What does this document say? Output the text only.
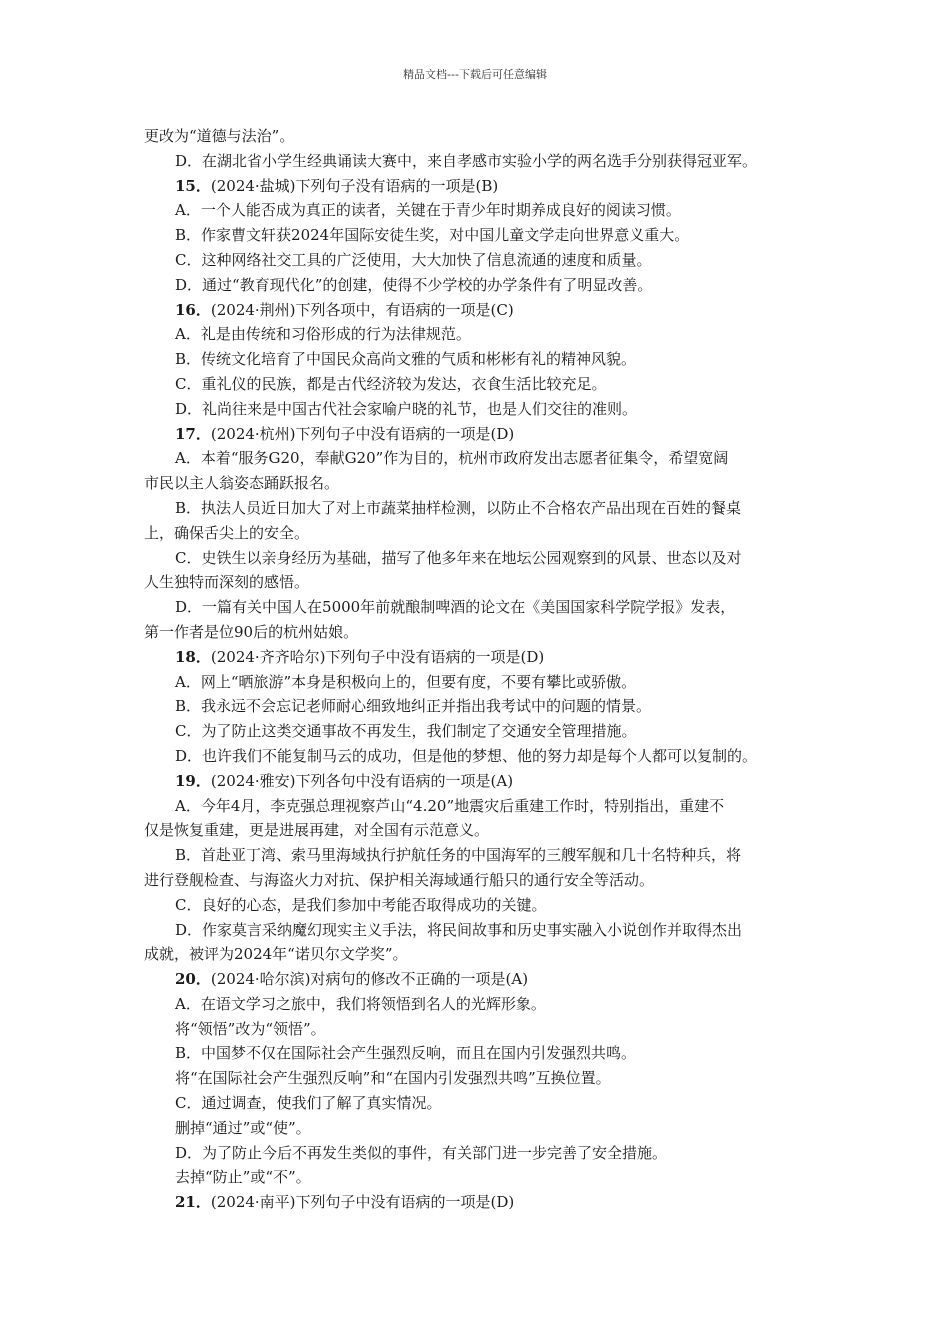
精品文档---下载后可任意编辑
更改为“道德与法治”。
D．在湖北省小学生经典诵读大赛中，来自孝感市实验小学的两名选手分别获得冠亚军。
15．(2024·盐城)下列句子没有语病的一项是(B)
A．一个人能否成为真正的读者，关键在于青少年时期养成良好的阅读习惯。
B．作家曹文轩获2024年国际安徒生奖，对中国儿童文学走向世界意义重大。
C．这种网络社交工具的广泛使用，大大加快了信息流通的速度和质量。
D．通过“教育现代化”的创建，使得不少学校的办学条件有了明显改善。
16．(2024·荆州)下列各项中，有语病的一项是(C)
A．礼是由传统和习俗形成的行为法律规范。
B．传统文化培育了中国民众高尚文雅的气质和彬彬有礼的精神风貌。
C．重礼仪的民族，都是古代经济较为发达，衣食生活比较充足。
D．礼尚往来是中国古代社会家喻户晓的礼节，也是人们交往的准则。
17．(2024·杭州)下列句子中没有语病的一项是(D)
A．本着“服务G20，奉献G20”作为目的，杭州市政府发出志愿者征集令，希望宽阔
市民以主人翁姿态踊跃报名。
B．执法人员近日加大了对上市蔬菜抽样检测，以防止不合格农产品出现在百姓的餐桌
上，确保舌尖上的安全。
C．史铁生以亲身经历为基础，描写了他多年来在地坛公园观察到的风景、世态以及对
人生独特而深刻的感悟。
D．一篇有关中国人在5000年前就酿制啤酒的论文在《美国国家科学院学报》发表，
第一作者是位90后的杭州姑娘。
18．(2024·齐齐哈尔)下列句子中没有语病的一项是(D)
A．网上“晒旅游”本身是积极向上的，但要有度，不要有攀比或骄傲。
B．我永远不会忘记老师耐心细致地纠正并指出我考试中的问题的情景。
C．为了防止这类交通事故不再发生，我们制定了交通安全管理措施。
D．也许我们不能复制马云的成功，但是他的梦想、他的努力却是每个人都可以复制的。
19．(2024·雅安)下列各句中没有语病的一项是(A)
A．今年4月，李克强总理视察芦山“4.20”地震灾后重建工作时，特别指出，重建不
仅是恢复重建，更是进展再建，对全国有示范意义。
B．首赴亚丁湾、索马里海域执行护航任务的中国海军的三艘军舰和几十名特种兵，将
进行登舰检查、与海盗火力对抗、保护相关海域通行船只的通行安全等活动。
C．良好的心态，是我们参加中考能否取得成功的关键。
D．作家莫言采纳魔幻现实主义手法，将民间故事和历史事实融入小说创作并取得杰出
成就，被评为2024年“诺贝尔文学奖”。
20．(2024·哈尔滨)对病句的修改不正确的一项是(A)
A．在语文学习之旅中，我们将领悟到名人的光辉形象。
将“领悟”改为“领悟”。
B．中国梦不仅在国际社会产生强烈反响，而且在国内引发强烈共鸣。
将“在国际社会产生强烈反响”和“在国内引发强烈共鸣”互换位置。
C．通过调查，使我们了解了真实情况。
删掉“通过”或“使”。
D．为了防止今后不再发生类似的事件，有关部门进一步完善了安全措施。
去掉“防止”或“不”。
21．(2024·南平)下列句子中没有语病的一项是(D)
